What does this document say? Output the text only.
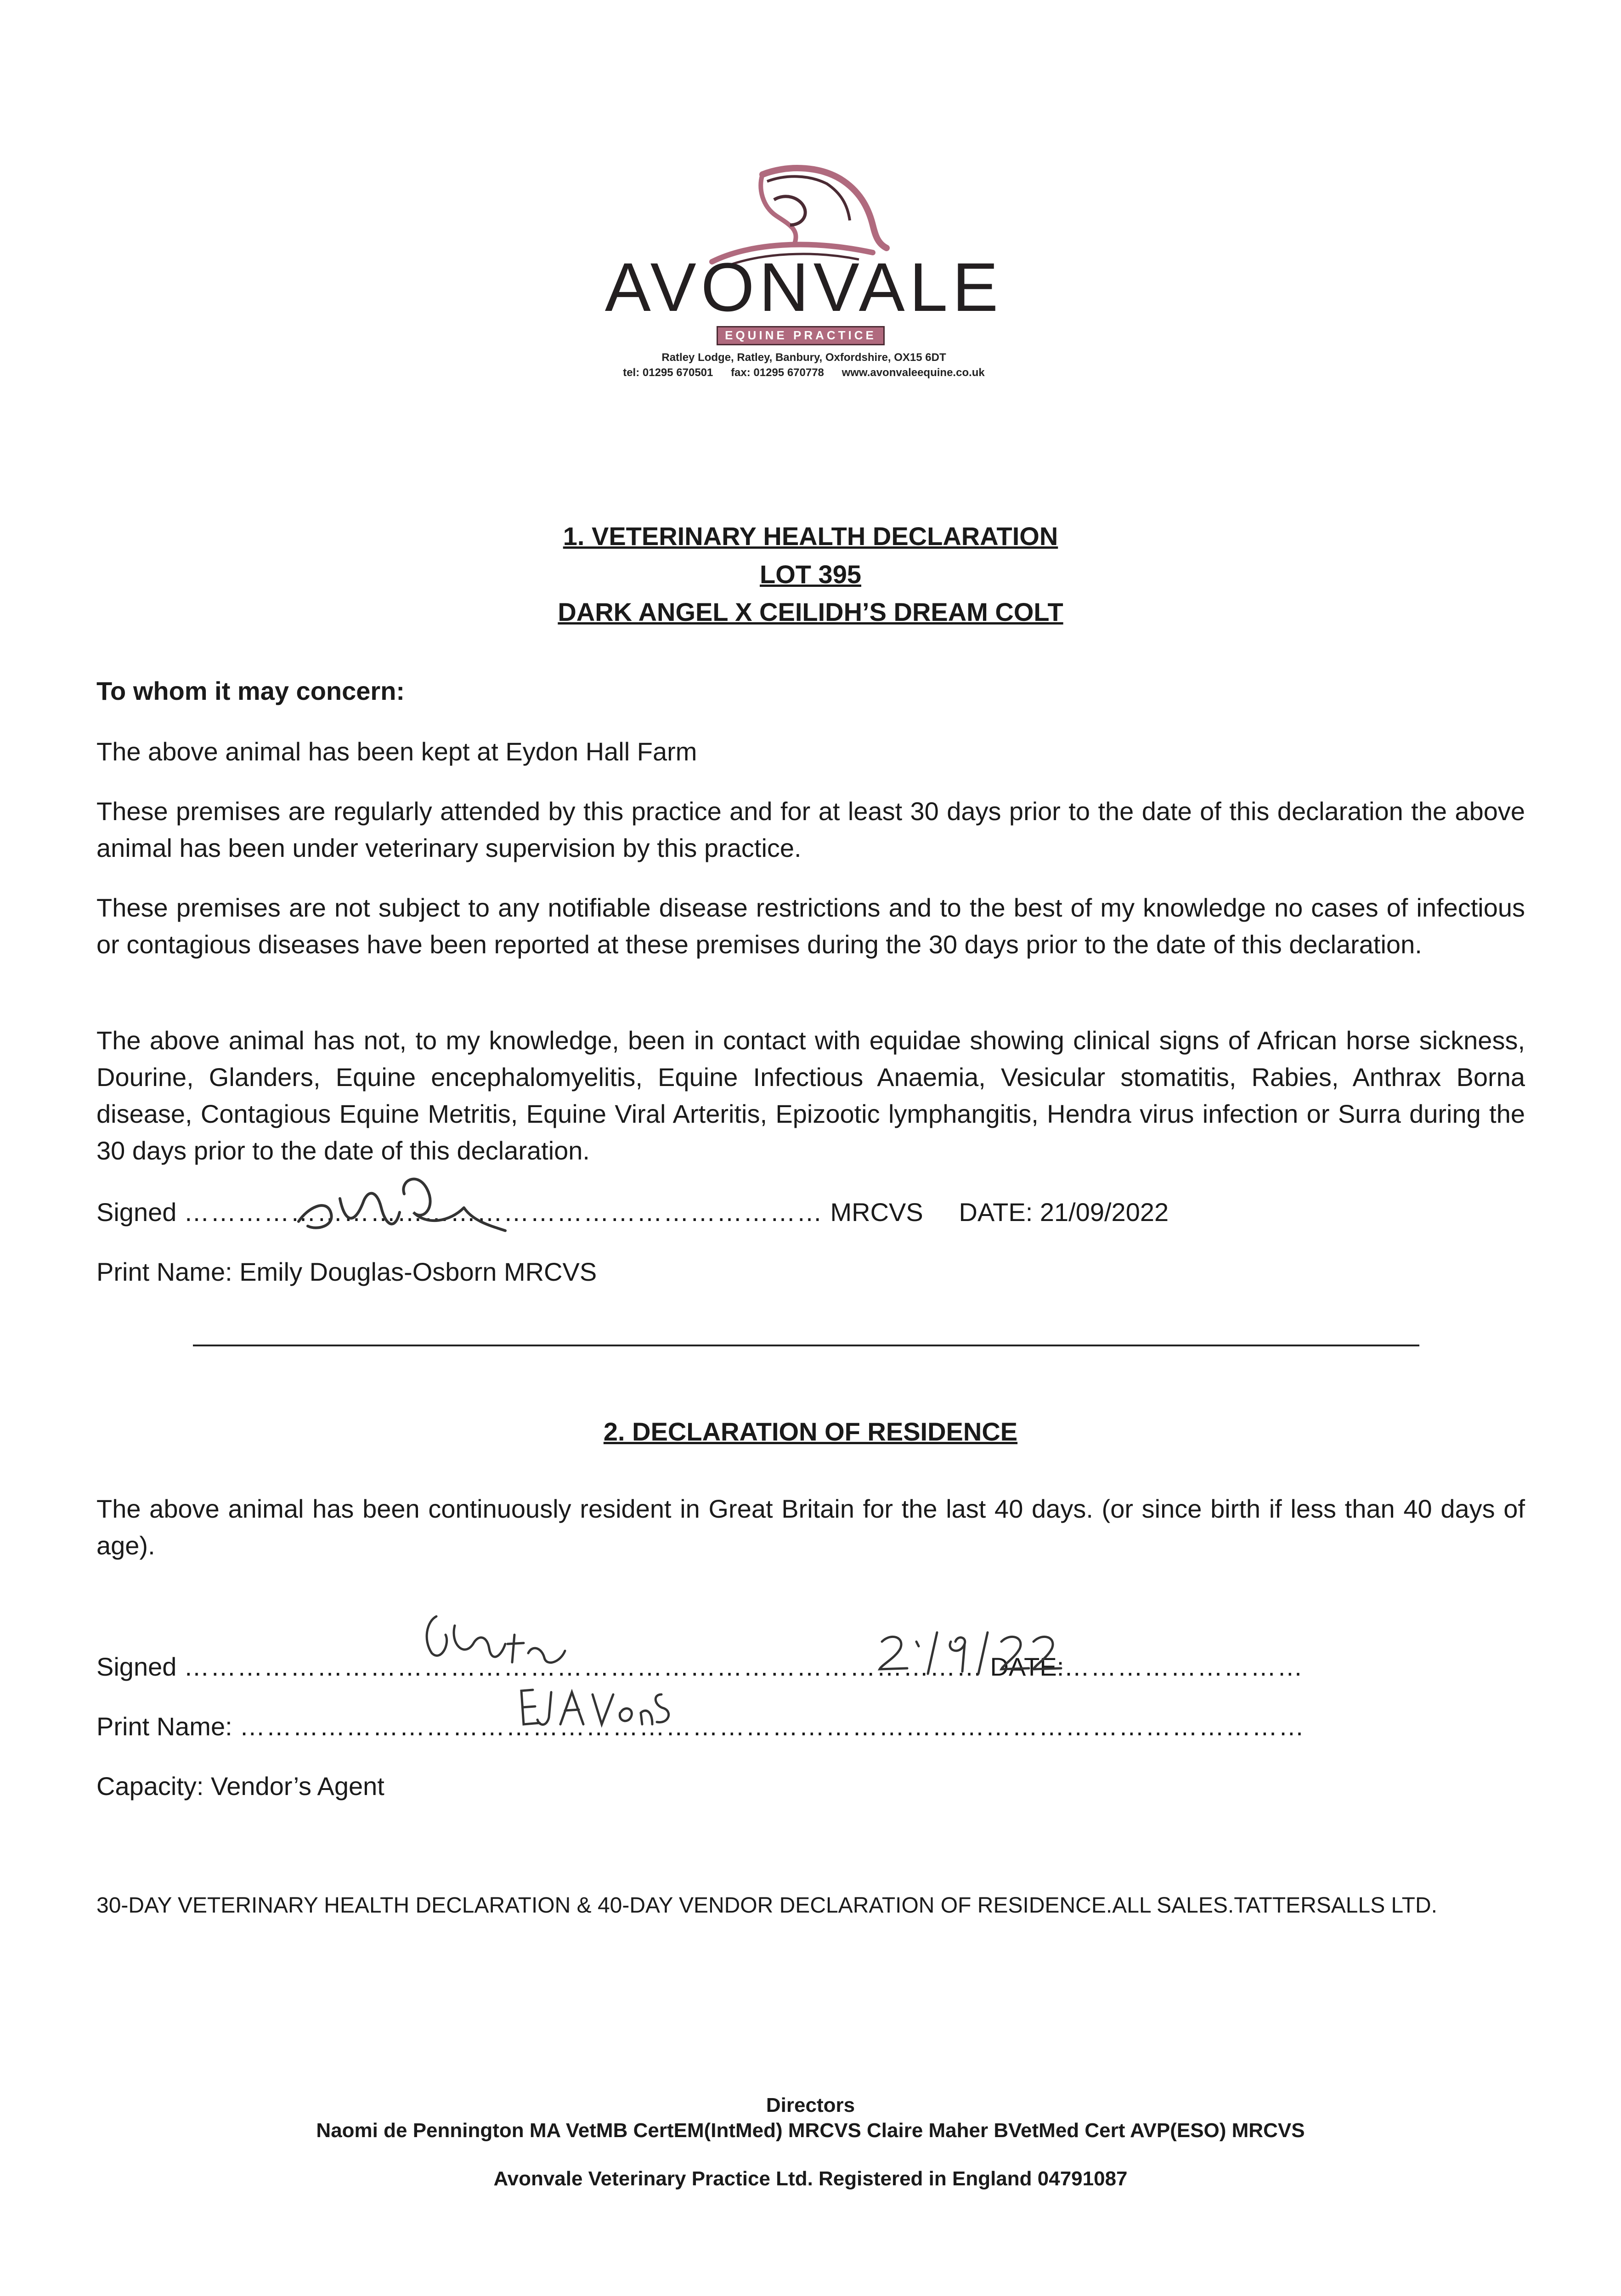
AVONVALE
EQUINE PRACTICE
Ratley Lodge, Ratley, Banbury, Oxfordshire, OX15 6DT
tel: 01295 670501 fax: 01295 670778 www.avonvaleequine.co.uk
1. VETERINARY HEALTH DECLARATION
LOT 395
DARK ANGEL X CEILIDH’S DREAM COLT
To whom it may concern:
The above animal has been kept at Eydon Hall Farm
These premises are regularly attended by this practice and for at least 30 days prior to the date of this declaration the above animal has been under veterinary supervision by this practice.
These premises are not subject to any notifiable disease restrictions and to the best of my knowledge no cases of infectious or contagious diseases have been reported at these premises during the 30 days prior to the date of this declaration.
The above animal has not, to my knowledge, been in contact with equidae showing clinical signs of African horse sickness, Dourine, Glanders, Equine encephalomyelitis, Equine Infectious Anaemia, Vesicular stomatitis, Rabies, Anthrax Borna disease, Contagious Equine Metritis, Equine Viral Arteritis, Epizootic lymphangitis, Hendra virus infection or Surra during the 30 days prior to the date of this declaration.
Signed ……………………………………………………………… MRCVS DATE: 21/09/2022
Print Name: Emily Douglas-Osborn MRCVS
2. DECLARATION OF RESIDENCE
The above animal has been continuously resident in Great Britain for the last 40 days. (or since birth if less than 40 days of age).
Signed ……………………………………………………………………………… DATE:………………………
Print Name: …………………………………………………………………………………………………………
Capacity: Vendor’s Agent
30-DAY VETERINARY HEALTH DECLARATION & 40-DAY VENDOR DECLARATION OF RESIDENCE.ALL SALES.TATTERSALLS LTD.
Directors
Naomi de Pennington MA VetMB CertEM(IntMed) MRCVS Claire Maher BVetMed Cert AVP(ESO) MRCVS
Avonvale Veterinary Practice Ltd. Registered in England 04791087
